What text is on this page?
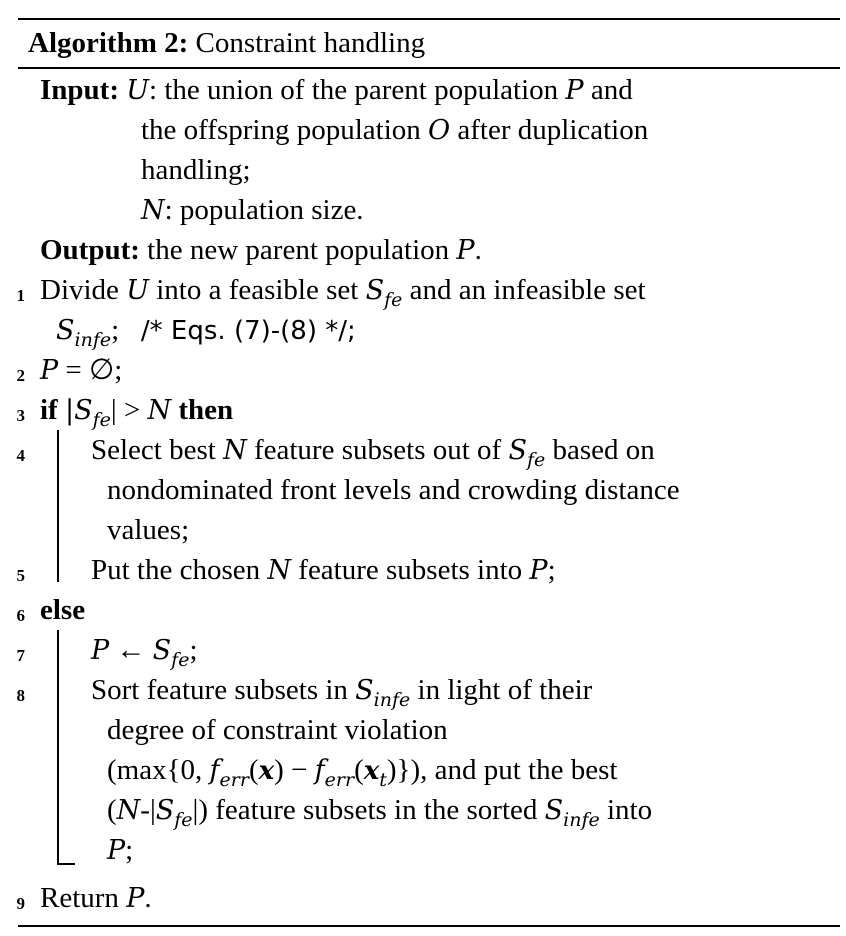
Algorithm 2: Constraint handling
Input: U: the union of the parent population P and
the offspring population O after duplication
handling;
N: population size.
Output: the new parent population P.
1 Divide U into a feasible set $S_{fe}$ and an infeasible set
$S_{infe}$; /* Eqs. (7)-(8) */;
2 P = ∅;
3 if $|S_{fe}| > N$ then
4 Select best N feature subsets out of $S_{fe}$ based on
nondominated front levels and crowding distance
values;
5 Put the chosen N feature subsets into P;
6 else
7 P ← $S_{fe}$;
8 Sort feature subsets in $S_{infe}$ in light of their
degree of constraint violation
(max{0, $f_{err}(x) - f_{err}(x_t)$}), and put the best
$(N-|S_{fe}|)$ feature subsets in the sorted $S_{infe}$ into
P;
9 Return P.
